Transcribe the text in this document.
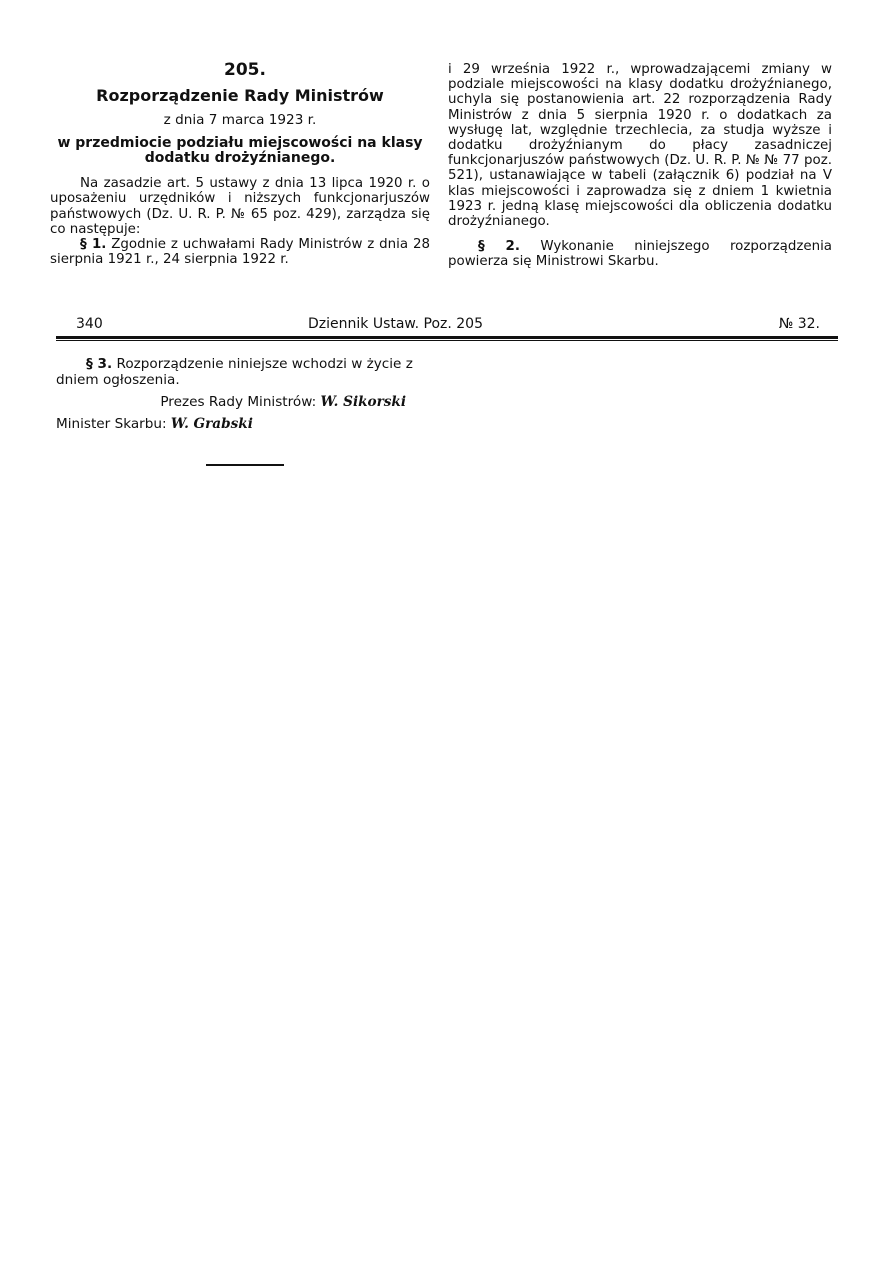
205.
Rozporządzenie Rady Ministrów
z dnia 7 marca 1923 r.
w przedmiocie podziału miejscowości na klasy dodatku drożyźnianego.

Na zasadzie art. 5 ustawy z dnia 13 lipca 1920 r. o uposażeniu urzędników i niższych funkcjonarjuszów państwowych (Dz. U. R. P. № 65 poz. 429), zarządza się co następuje:

§ 1. Zgodnie z uchwałami Rady Ministrów z dnia 28 sierpnia 1921 r., 24 sierpnia 1922 r.

i 29 września 1922 r., wprowadzającemi zmiany w podziale miejscowości na klasy dodatku drożyźnianego, uchyla się postanowienia art. 22 rozporządzenia Rady Ministrów z dnia 5 sierpnia 1920 r. o dodatkach za wysługę lat, względnie trzechlecia, za studja wyższe i dodatku drożyźnianym do płacy zasadniczej funkcjonarjuszów państwowych (Dz. U. R. P. № № 77 poz. 521), ustanawiające w tabeli (załącznik 6) podział na V klas miejscowości i zaprowadza się z dniem 1 kwietnia 1923 r. jedną klasę miejscowości dla obliczenia dodatku drożyźnianego.

§ 2. Wykonanie niniejszego rozporządzenia powierza się Ministrowi Skarbu.

340	Dziennik Ustaw. Poz. 205	№ 32.

§ 3. Rozporządzenie niniejsze wchodzi w życie z dniem ogłoszenia.

Prezes Rady Ministrów: W. Sikorski
Minister Skarbu: W. Grabski
